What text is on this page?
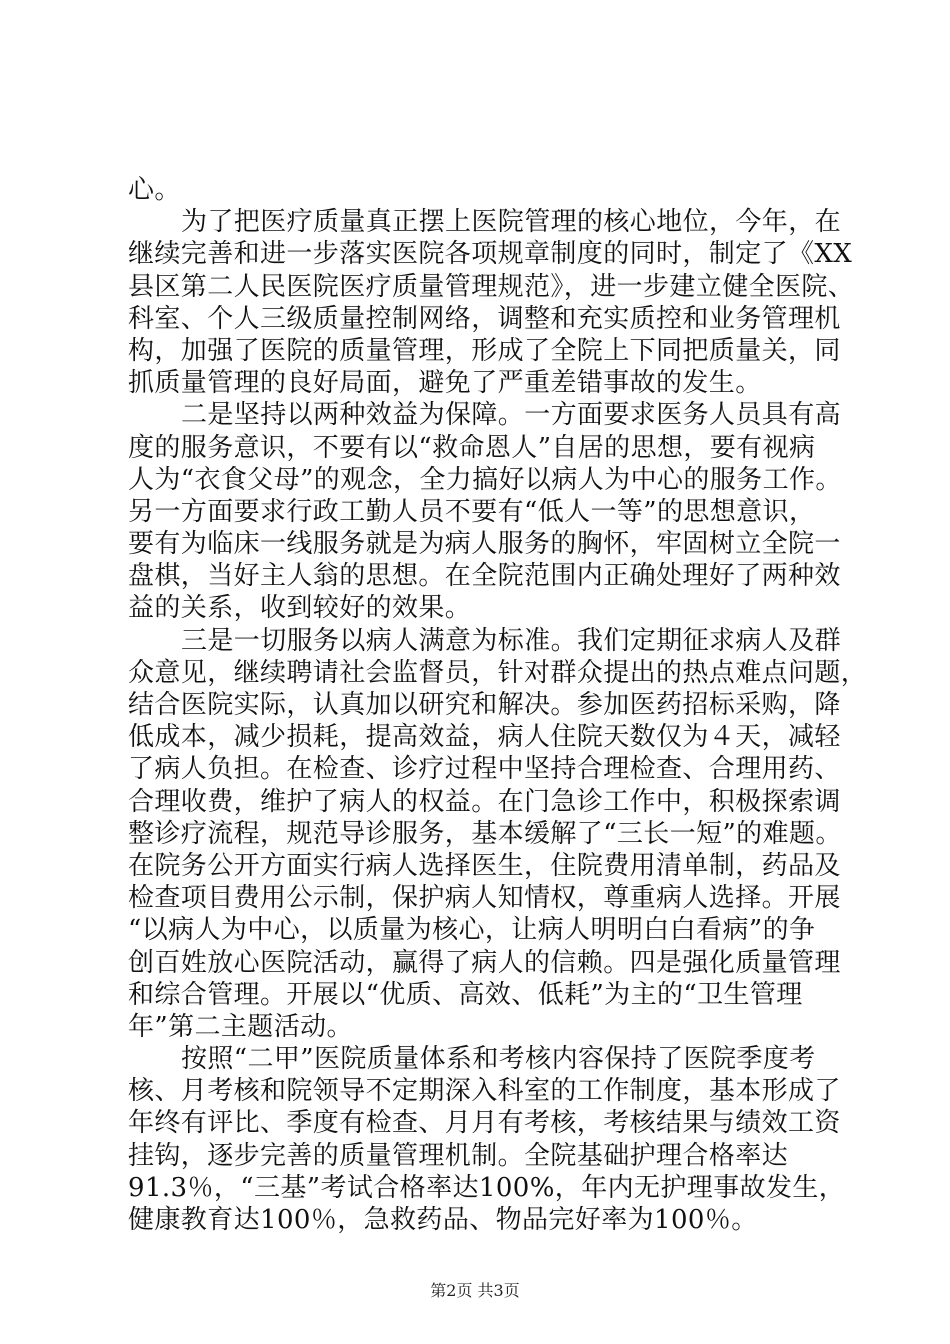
心。
为了把医疗质量真正摆上医院管理的核心地位，今年，在
继续完善和进一步落实医院各项规章制度的同时，制定了《XX
县区第二人民医院医疗质量管理规范》，进一步建立健全医院、
科室、个人三级质量控制网络，调整和充实质控和业务管理机
构，加强了医院的质量管理，形成了全院上下同把质量关，同
抓质量管理的良好局面，避免了严重差错事故的发生。
二是坚持以两种效益为保障。一方面要求医务人员具有高
度的服务意识，不要有以“救命恩人”自居的思想，要有视病
人为“衣食父母”的观念，全力搞好以病人为中心的服务工作。
另一方面要求行政工勤人员不要有“低人一等”的思想意识，
要有为临床一线服务就是为病人服务的胸怀，牢固树立全院一
盘棋，当好主人翁的思想。在全院范围内正确处理好了两种效
益的关系，收到较好的效果。
三是一切服务以病人满意为标准。我们定期征求病人及群
众意见，继续聘请社会监督员，针对群众提出的热点难点问题，
结合医院实际，认真加以研究和解决。参加医药招标采购，降
低成本，减少损耗，提高效益，病人住院天数仅为４天，减轻
了病人负担。在检查、诊疗过程中坚持合理检查、合理用药、
合理收费，维护了病人的权益。在门急诊工作中，积极探索调
整诊疗流程，规范导诊服务，基本缓解了“三长一短”的难题。
在院务公开方面实行病人选择医生，住院费用清单制，药品及
检查项目费用公示制，保护病人知情权，尊重病人选择。开展
“以病人为中心，以质量为核心，让病人明明白白看病”的争
创百姓放心医院活动，赢得了病人的信赖。四是强化质量管理
和综合管理。开展以“优质、高效、低耗”为主的“卫生管理
年”第二主题活动。
按照“二甲”医院质量体系和考核内容保持了医院季度考
核、月考核和院领导不定期深入科室的工作制度，基本形成了
年终有评比、季度有检查、月月有考核，考核结果与绩效工资
挂钩，逐步完善的质量管理机制。全院基础护理合格率达
91.3％，“三基”考试合格率达100%，年内无护理事故发生，
健康教育达100％，急救药品、物品完好率为100％。
第2页 共3页
